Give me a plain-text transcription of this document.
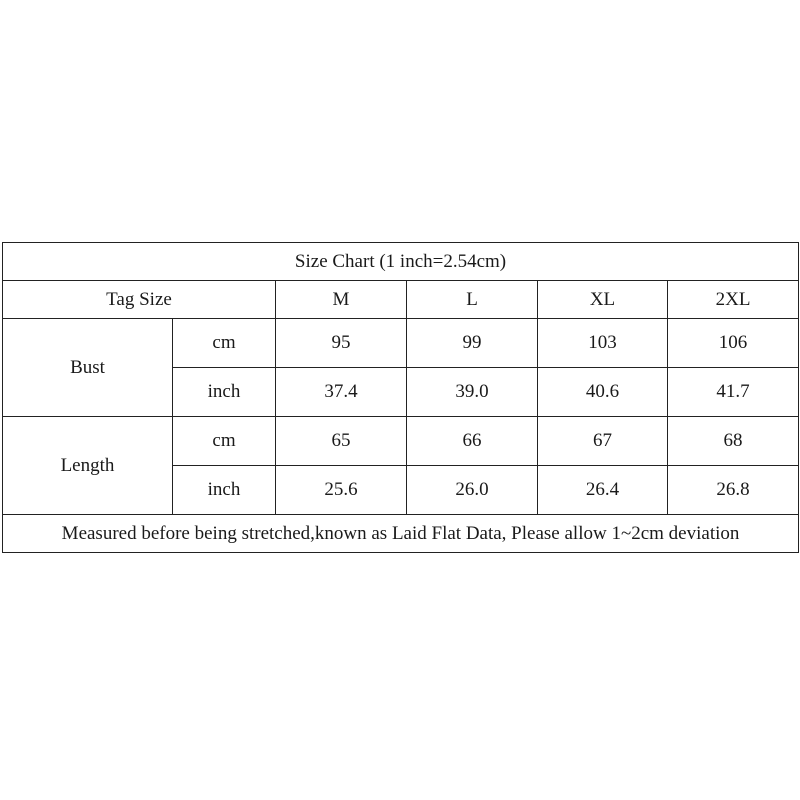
Size Chart (1 inch=2.54cm)					
Tag Size		M	L	XL	2XL
Bust	cm	95	99	103	106
	inch	37.4	39.0	40.6	41.7
Length	cm	65	66	67	68
	inch	25.6	26.0	26.4	26.8
Measured before being stretched,known as Laid Flat Data, Please allow 1~2cm deviation					
